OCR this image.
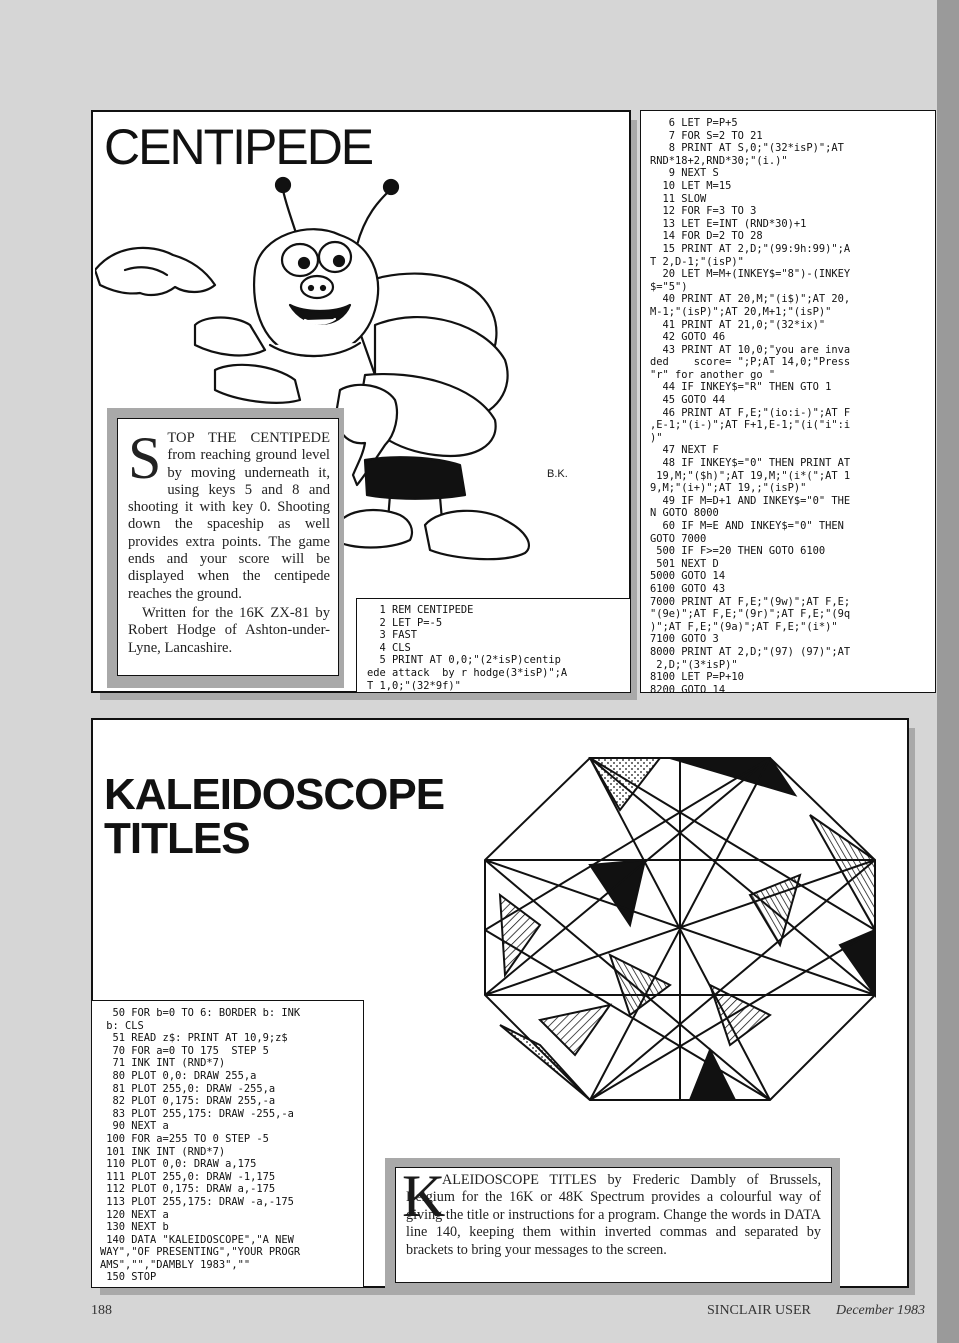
CENTIPEDE
B.K.
STOP THE CENTIPEDE from reaching ground level by moving underneath it, using keys 5 and 8 and shooting it with key 0. Shooting down the spaceship as well provides extra points. The game ends and your score will be displayed when the centipede reaches the ground.
Written for the 16K ZX-81 by Robert Hodge of Ashton-under-Lyne, Lancashire.
1 REM CENTIPEDE
2 LET P=-5
3 FAST
4 CLS
5 PRINT AT 0,0;"(2*isP)centip
ede attack  by r hodge(3*isP)";A
T 1,0;"(32*9f)"
6 LET P=P+5
7 FOR S=2 TO 21
8 PRINT AT S,0;"(32*isP)";AT
RND*18+2,RND*30;"(i.)"
9 NEXT S
10 LET M=15
11 SLOW
12 FOR F=3 TO 3
13 LET E=INT (RND*30)+1
14 FOR D=2 TO 28
15 PRINT AT 2,D;"(99:9h:99)";A
T 2,D-1;"(isP)"
20 LET M=M+(INKEY$="8")-(INKEY
$="5")
40 PRINT AT 20,M;"(i$)";AT 20,
M-1;"(isP)";AT 20,M+1;"(isP)"
41 PRINT AT 21,0;"(32*ix)"
42 GOTO 46
43 PRINT AT 10,0;"you are inva
ded    score= ";P;AT 14,0;"Press
"r" for another go "
44 IF INKEY$="R" THEN GTO 1
45 GOTO 44
46 PRINT AT F,E;"(io:i-)";AT F
,E-1;"(i-)";AT F+1,E-1;"(i("i":i
)"
47 NEXT F
48 IF INKEY$="0" THEN PRINT AT
19,M;"($h)";AT 19,M;"(i*(";AT 1
9,M;"(i+)";AT 19,;"(isP)"
49 IF M=D+1 AND INKEY$="0" THE
N GOTO 8000
60 IF M=E AND INKEY$="0" THEN
GOTO 7000
500 IF F>=20 THEN GOTO 6100
501 NEXT D
5000 GOTO 14
6100 GOTO 43
7000 PRINT AT F,E;"(9w)";AT F,E;
"(9e)";AT F,E;"(9r)";AT F,E;"(9q
)";AT F,E;"(9a)";AT F,E;"(i*)"
7100 GOTO 3
8000 PRINT AT 2,D;"(97) (97)";AT
2,D;"(3*isP)"
8100 LET P=P+10
8200 GOTO 14
KALEIDOSCOPE
TITLES
50 FOR b=0 TO 6: BORDER b: INK
b: CLS
51 READ z$: PRINT AT 10,9;z$
70 FOR a=0 TO 175  STEP 5
71 INK INT (RND*7)
80 PLOT 0,0: DRAW 255,a
81 PLOT 255,0: DRAW -255,a
82 PLOT 0,175: DRAW 255,-a
83 PLOT 255,175: DRAW -255,-a
90 NEXT a
100 FOR a=255 TO 0 STEP -5
101 INK INT (RND*7)
110 PLOT 0,0: DRAW a,175
111 PLOT 255,0: DRAW -1,175
112 PLOT 0,175: DRAW a,-175
113 PLOT 255,175: DRAW -a,-175
120 NEXT a
130 NEXT b
140 DATA "KALEIDOSCOPE","A NEW
WAY","OF PRESENTING","YOUR PROGR
AMS","","DAMBLY 1983",""
150 STOP
K
ALEIDOSCOPE TITLES by Frederic Dambly of Brussels, Belgium for the 16K or 48K Spectrum provides a colourful way of giving the title or instructions for a program. Change the words in DATA line 140, keeping them within inverted commas and separated by brackets to bring your messages to the screen.
188	SINCLAIR USER December 1983
